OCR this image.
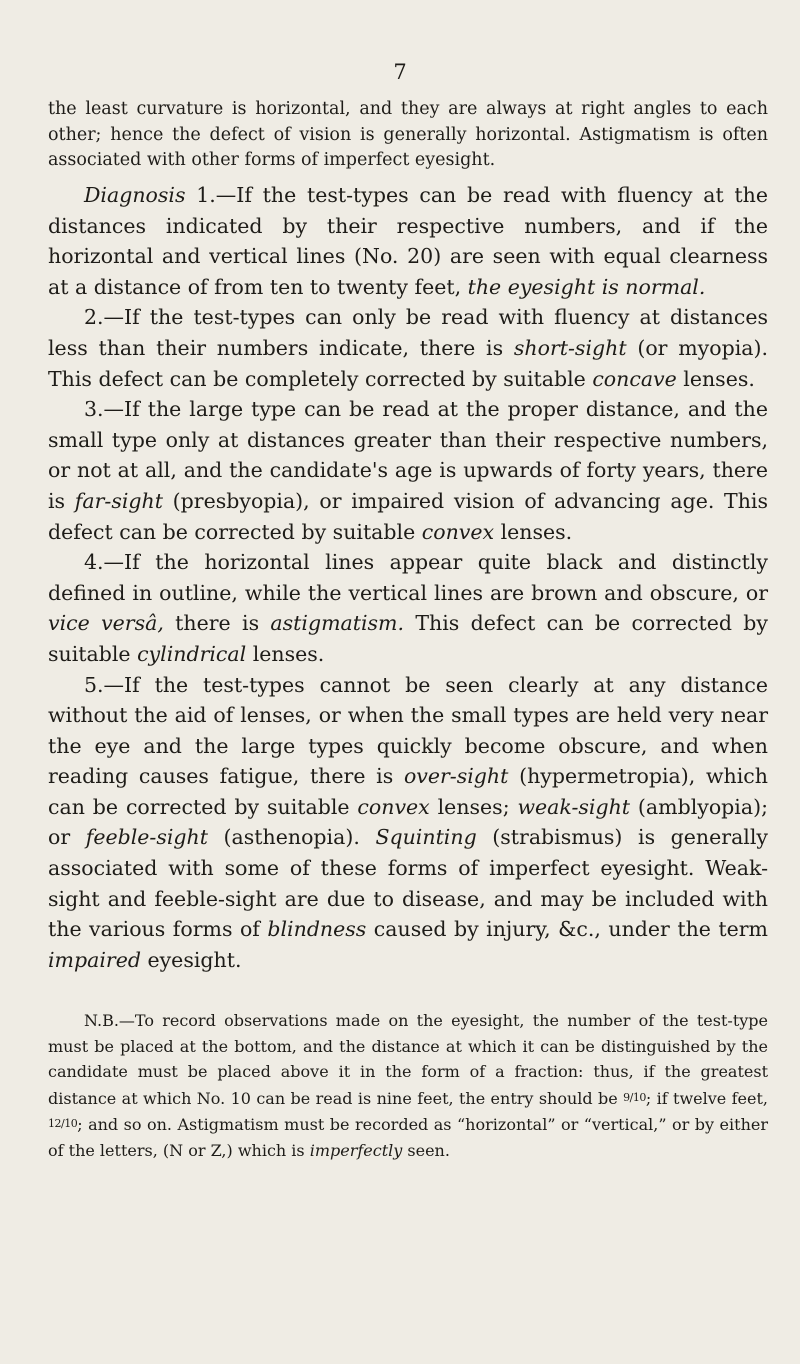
7
the least curvature is horizontal, and they are always at right angles to each other; hence the defect of vision is generally horizontal. Astigmatism is often associated with other forms of imperfect eyesight.

Diagnosis 1.—If the test-types can be read with fluency at the distances indicated by their respective numbers, and if the horizontal and vertical lines (No. 20) are seen with equal clearness at a distance of from ten to twenty feet, the eyesight is normal.

2.—If the test-types can only be read with fluency at distances less than their numbers indicate, there is short-sight (or myopia). This defect can be completely corrected by suitable concave lenses.

3.—If the large type can be read at the proper distance, and the small type only at distances greater than their respective numbers, or not at all, and the candidate's age is upwards of forty years, there is far-sight (presbyopia), or impaired vision of advancing age. This defect can be corrected by suitable convex lenses.

4.—If the horizontal lines appear quite black and distinctly defined in outline, while the vertical lines are brown and obscure, or vice versâ, there is astigmatism. This defect can be corrected by suitable cylindrical lenses.

5.—If the test-types cannot be seen clearly at any distance without the aid of lenses, or when the small types are held very near the eye and the large types quickly become obscure, and when reading causes fatigue, there is over-sight (hypermetropia), which can be corrected by suitable convex lenses; weak-sight (amblyopia); or feeble-sight (asthenopia). Squinting (strabismus) is generally associated with some of these forms of imperfect eyesight. Weak-sight and feeble-sight are due to disease, and may be included with the various forms of blindness caused by injury, &c., under the term impaired eyesight.

N.B.—To record observations made on the eyesight, the number of the test-type must be placed at the bottom, and the distance at which it can be distinguished by the candidate must be placed above it in the form of a fraction: thus, if the greatest distance at which No. 10 can be read is nine feet, the entry should be 9/10; if twelve feet, 12/10; and so on. Astigmatism must be recorded as “horizontal” or “vertical,” or by either of the letters, (N or Z,) which is imperfectly seen.
